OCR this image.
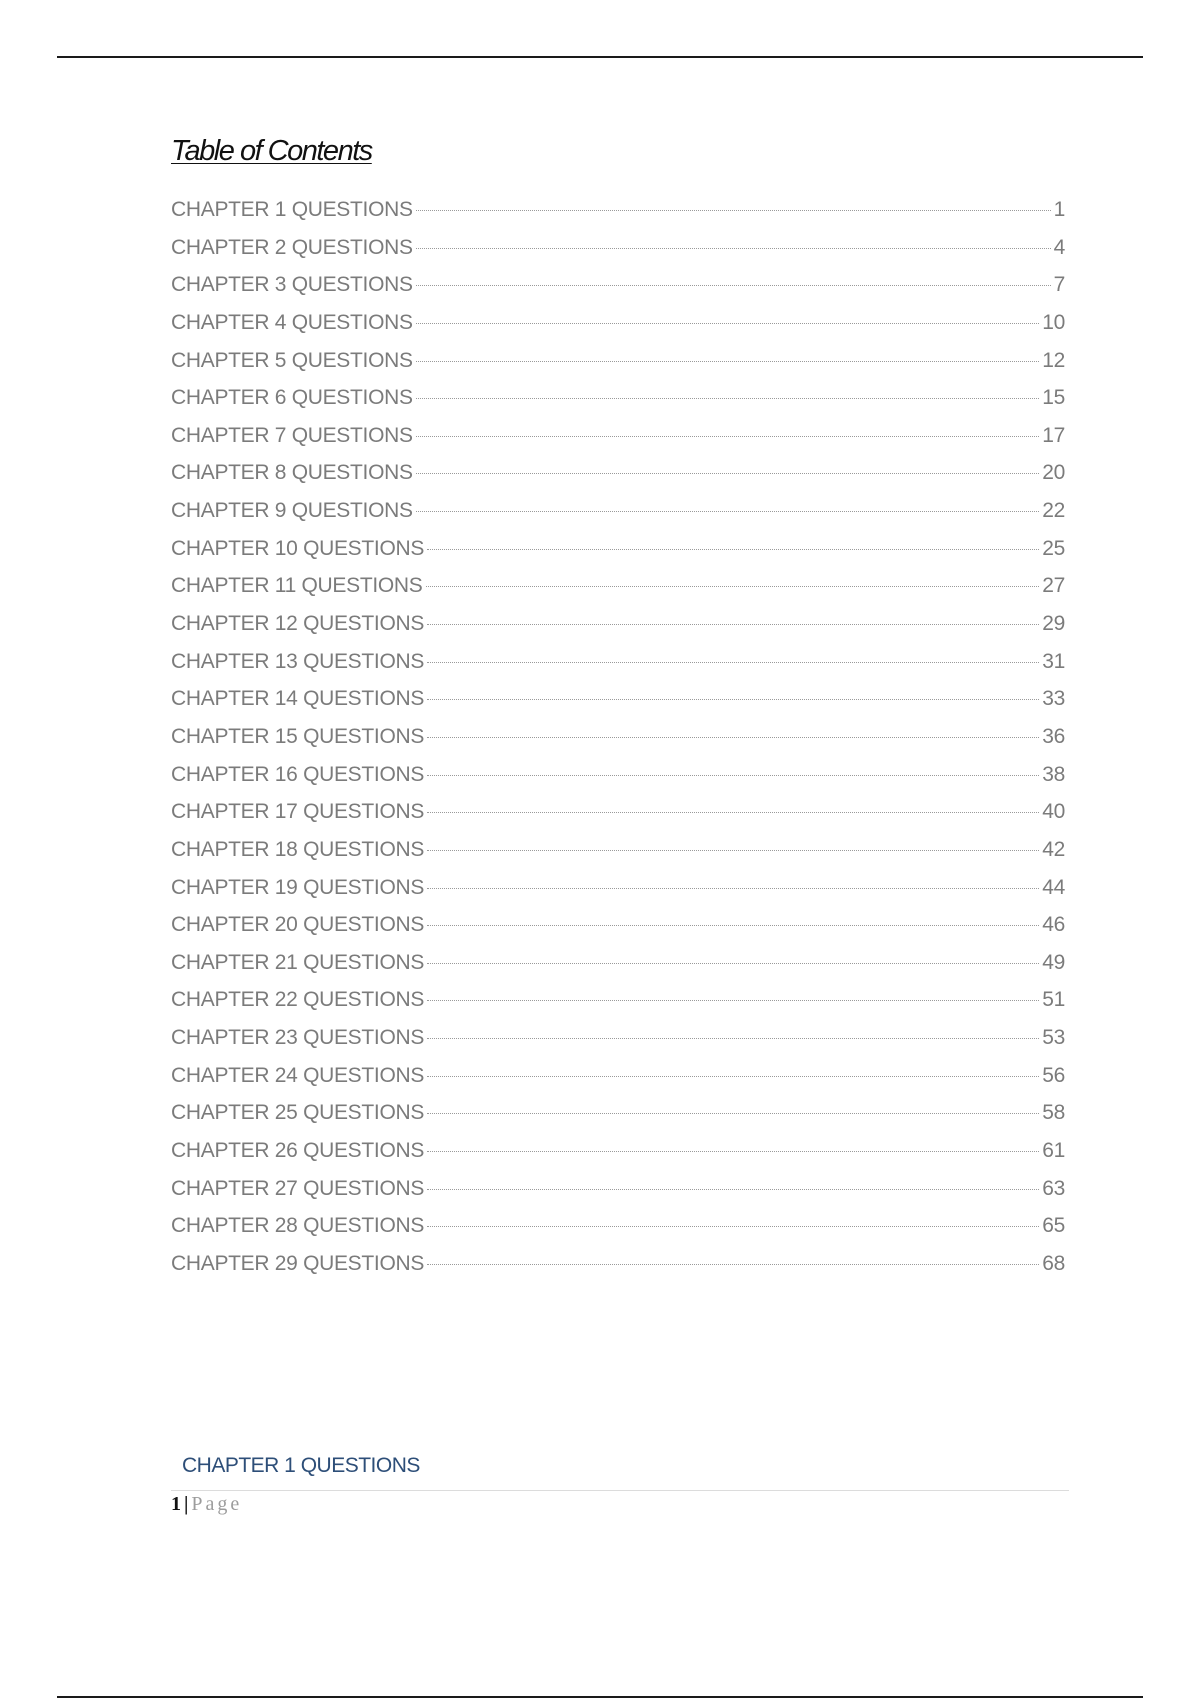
Table of Contents
CHAPTER 1 QUESTIONS	1
CHAPTER 2 QUESTIONS	4
CHAPTER 3 QUESTIONS	7
CHAPTER 4 QUESTIONS	10
CHAPTER 5 QUESTIONS	12
CHAPTER 6 QUESTIONS	15
CHAPTER 7 QUESTIONS	17
CHAPTER 8 QUESTIONS	20
CHAPTER 9 QUESTIONS	22
CHAPTER 10 QUESTIONS	25
CHAPTER 11 QUESTIONS	27
CHAPTER 12 QUESTIONS	29
CHAPTER 13 QUESTIONS	31
CHAPTER 14 QUESTIONS	33
CHAPTER 15 QUESTIONS	36
CHAPTER 16 QUESTIONS	38
CHAPTER 17 QUESTIONS	40
CHAPTER 18 QUESTIONS	42
CHAPTER 19 QUESTIONS	44
CHAPTER 20 QUESTIONS	46
CHAPTER 21 QUESTIONS	49
CHAPTER 22 QUESTIONS	51
CHAPTER 23 QUESTIONS	53
CHAPTER 24 QUESTIONS	56
CHAPTER 25 QUESTIONS	58
CHAPTER 26 QUESTIONS	61
CHAPTER 27 QUESTIONS	63
CHAPTER 28 QUESTIONS	65
CHAPTER 29 QUESTIONS	68
CHAPTER 1 QUESTIONS
1 | Page
